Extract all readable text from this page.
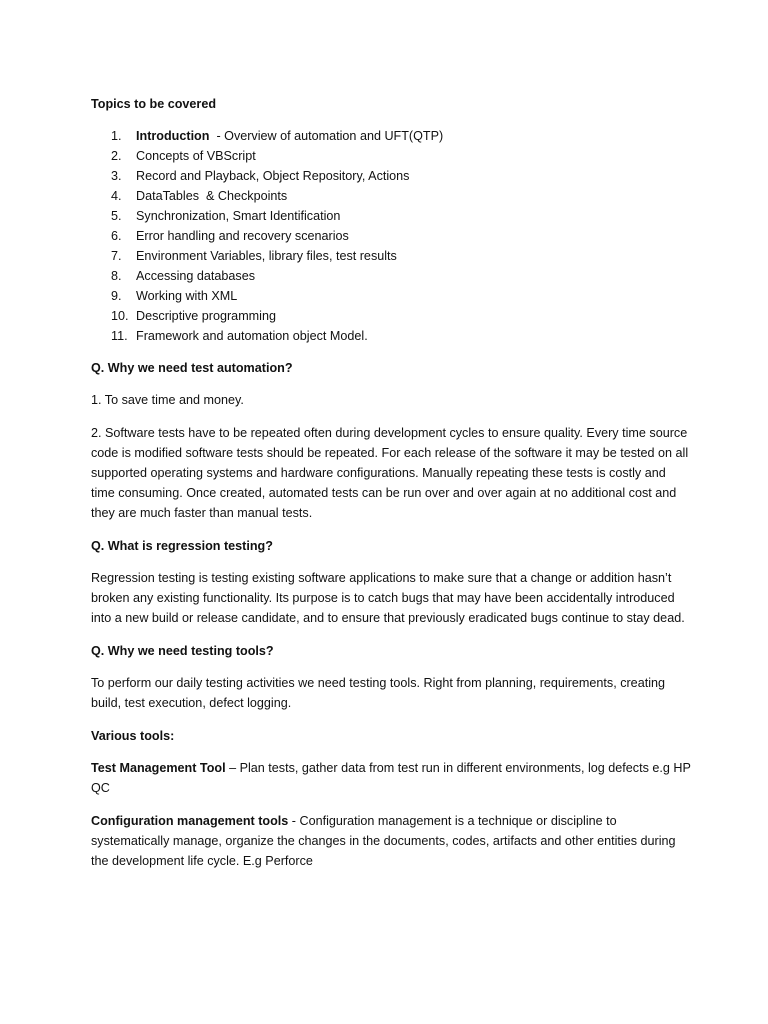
Topics to be covered

1.	Introduction  - Overview of automation and UFT(QTP)
2.	Concepts of VBScript
3.	Record and Playback, Object Repository, Actions
4.	DataTables  & Checkpoints
5.	Synchronization, Smart Identification
6.	Error handling and recovery scenarios
7.	Environment Variables, library files, test results
8.	Accessing databases
9.	Working with XML
10. Descriptive programming
11. Framework and automation object Model.

Q. Why we need test automation?

1. To save time and money.

2. Software tests have to be repeated often during development cycles to ensure quality. Every time source code is modified software tests should be repeated. For each release of the software it may be tested on all supported operating systems and hardware configurations. Manually repeating these tests is costly and time consuming. Once created, automated tests can be run over and over again at no additional cost and they are much faster than manual tests.

Q. What is regression testing?

Regression testing is testing existing software applications to make sure that a change or addition hasn’t broken any existing functionality. Its purpose is to catch bugs that may have been accidentally introduced into a new build or release candidate, and to ensure that previously eradicated bugs continue to stay dead.

Q. Why we need testing tools?

To perform our daily testing activities we need testing tools. Right from planning, requirements, creating build, test execution, defect logging.

Various tools:

Test Management Tool – Plan tests, gather data from test run in different environments, log defects e.g HP QC

Configuration management tools - Configuration management is a technique or discipline to systematically manage, organize the changes in the documents, codes, artifacts and other entities during the development life cycle. E.g Perforce
